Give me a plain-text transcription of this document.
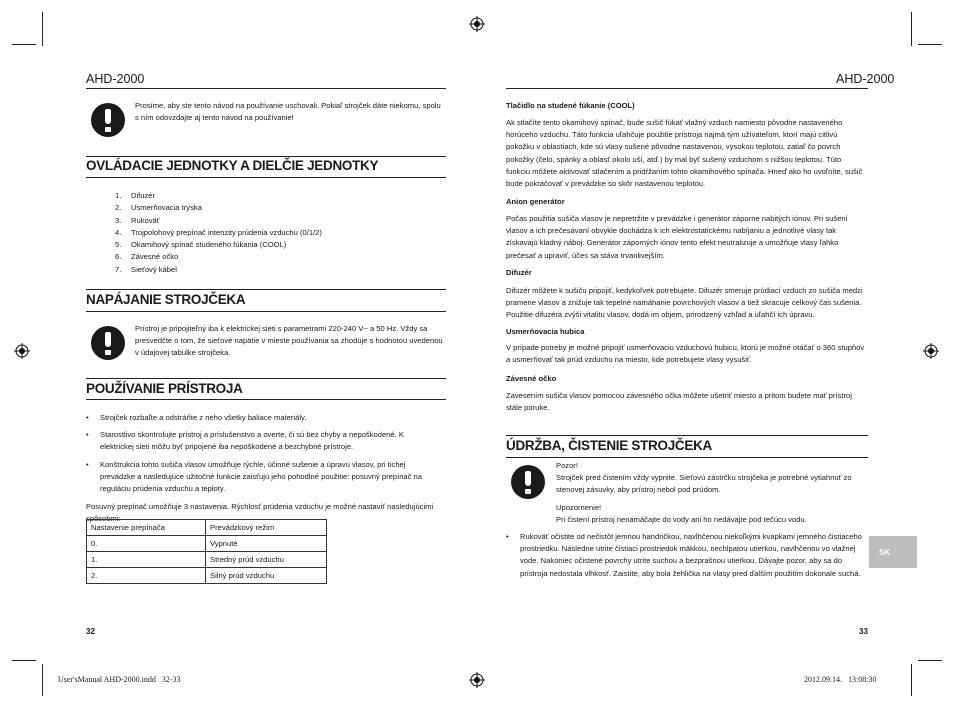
AHD-2000	AHD-2000
Prosíme, aby ste tento návod na používanie uschovali. Pokiaľ strojček dáte niekomu, spolu s ním odovzdajte aj tento návod na používanie!
OVLÁDACIE JEDNOTKY A DIELČIE JEDNOTKY
1. Difuzér
2. Usmerňovacia tryska
3. Rukoväť
4. Trojpolohový prepínač intenzity prúdenia vzduchu (0/1/2)
5. Okamihový spínač studeného fúkania (COOL)
6. Závesné očko
7. Sieťový kábel
NAPÁJANIE STROJČEKA
Prístroj je pripojiteľný iba k elektrickej sieti s parametrami 220-240 V~ a 50 Hz. Vždy sa presvedčte o tom, že sieťové napätie v mieste používania sa zhoduje s hodnotou uvedenou v údajovej tabulke strojčeka.
POUŽÍVANIE PRÍSTROJA
• Strojček rozbaľte a odstráňte z neho všetky baliace materiály.
• Starostlivo skontrolujte prístroj a príslušenstvo a overte, či sú bez chyby a nepoškodené. K elektrickej sieti môžu byť pripojené iba nepoškodené a bezchybné prístroje.
• Konštrukcia tohto sušiča vlasov umožňuje rýchle, účinné sušenie a úpravu vlasov, pri tichej prevádzke a nasledujúce užitočné funkcie zaisťujú jeho pohodlné použitie: posuvný prepínač na reguláciu prúdenia vzduchu a teploty.
Posuvný prepínač umožňuje 3 nastavenia. Rýchlosť prúdenia vzduchu je možné nastaviť nasledujúcimi spôsobmi:
Nastavenie prepínača	Prevádzkový režim
0.	Vypnuté
1.	Stredný prúd vzduchu
2.	Silný prúd vzduchu
32
Tlačidlo na studené fúkanie (COOL)
Ak stlačíte tento okamihový spínač, bude sušič fúkať vlažný vzduch namiesto pôvodne nastaveného horúceho vzduchu. Táto funkcia uľahčuje použitie prístroja najmä tým užívateľom, ktorí majú citlivú pokožku v oblastiach, kde sú vlasy sušené pôvodne nastavenou, vysokou teplotou, zatiaľ čo povrch pokožky (čelo, spánky a oblasť okolo uší, atď.) by mal byť sušený vzduchom s nižšou teplotou. Túto funkciu môžete aktivovať stlačením a pridŕžaním tohto okamihového spínača. Hneď ako ho uvoľníte, sušič bude pokračovať v prevádzke so skôr nastavenou teplotou.
Anion generátor
Počas použitia sušiča vlasov je nepretržite v prevádzke i generátor záporne nabitých iónov. Pri sušení vlasov a ich prečesávaní obvykle dochádza k ich elektrostatickému nabíjaniu a jednotlivé vlasy tak získavajú kladný náboj. Generátor záporných iónov tento efekt neutralizuje a umožňuje vlasy ľahko prečesať a upraviť, účes sa stáva trvanlivejším.
Difuzér
Difuzér môžete k sušiču pripojiť, kedykoľvek potrebujete. Difuzér smeruje prúdiaci vzduch zo sušiča medzi pramene vlasov a znižuje tak tepelné namáhanie povrchových vlasov a tiež skracuje celkový čas sušenia. Použitie difuzéra zvýši vitalitu vlasov, dodá im objem, prirodzený vzhľad a uľahčí ich úpravu.
Usmerňovacia hubica
V prípade potreby je možné pripojiť usmerňovaciu vzduchovú hubicu, ktorú je možné otáčať o 360 stupňov a usmerňovať tak prúd vzduchu na miesto, kde potrebujete vlasy vysušiť.
Závesné očko
Zavesením sušiča vlasov pomocou závesného očka môžete ušetriť miesto a pritom budete mať prístroj stále poruke.
ÚDRŽBA, ČISTENIE STROJČEKA
Pozor!
Strojček pred čistením vždy vypnite. Sieťovú zástrčku strojčeka je potrebné vytiahnuť zo stenovej zásuvky, aby prístroj nebol pod prúdom.
Upozornenie!
Pri čistení prístroj nenamáčajte do vody ani ho nedávajte pod tečúcu vodu.
• Rukoväť očistite od nečistôt jemnou handričkou, navlhčenou niekoľkými kvapkami jemného čistiaceho prostriedku. Následne utrite čistiaci prostriedok mäkkou, nechlpatou utierkou, navlhčenou vo vlažnej vode. Nakoniec očistené povrchy utrite suchou a bezprašnou utierkou. Dávajte pozor, aby sa do prístroja nedostala vlhkosť. Zaistite, aby bola žehlička na vlasy pred ďalším použitím dokonale suchá.
SK
33
User'sManual AHD-2000.indd   32-33	2012.09.14.   13:08:30
